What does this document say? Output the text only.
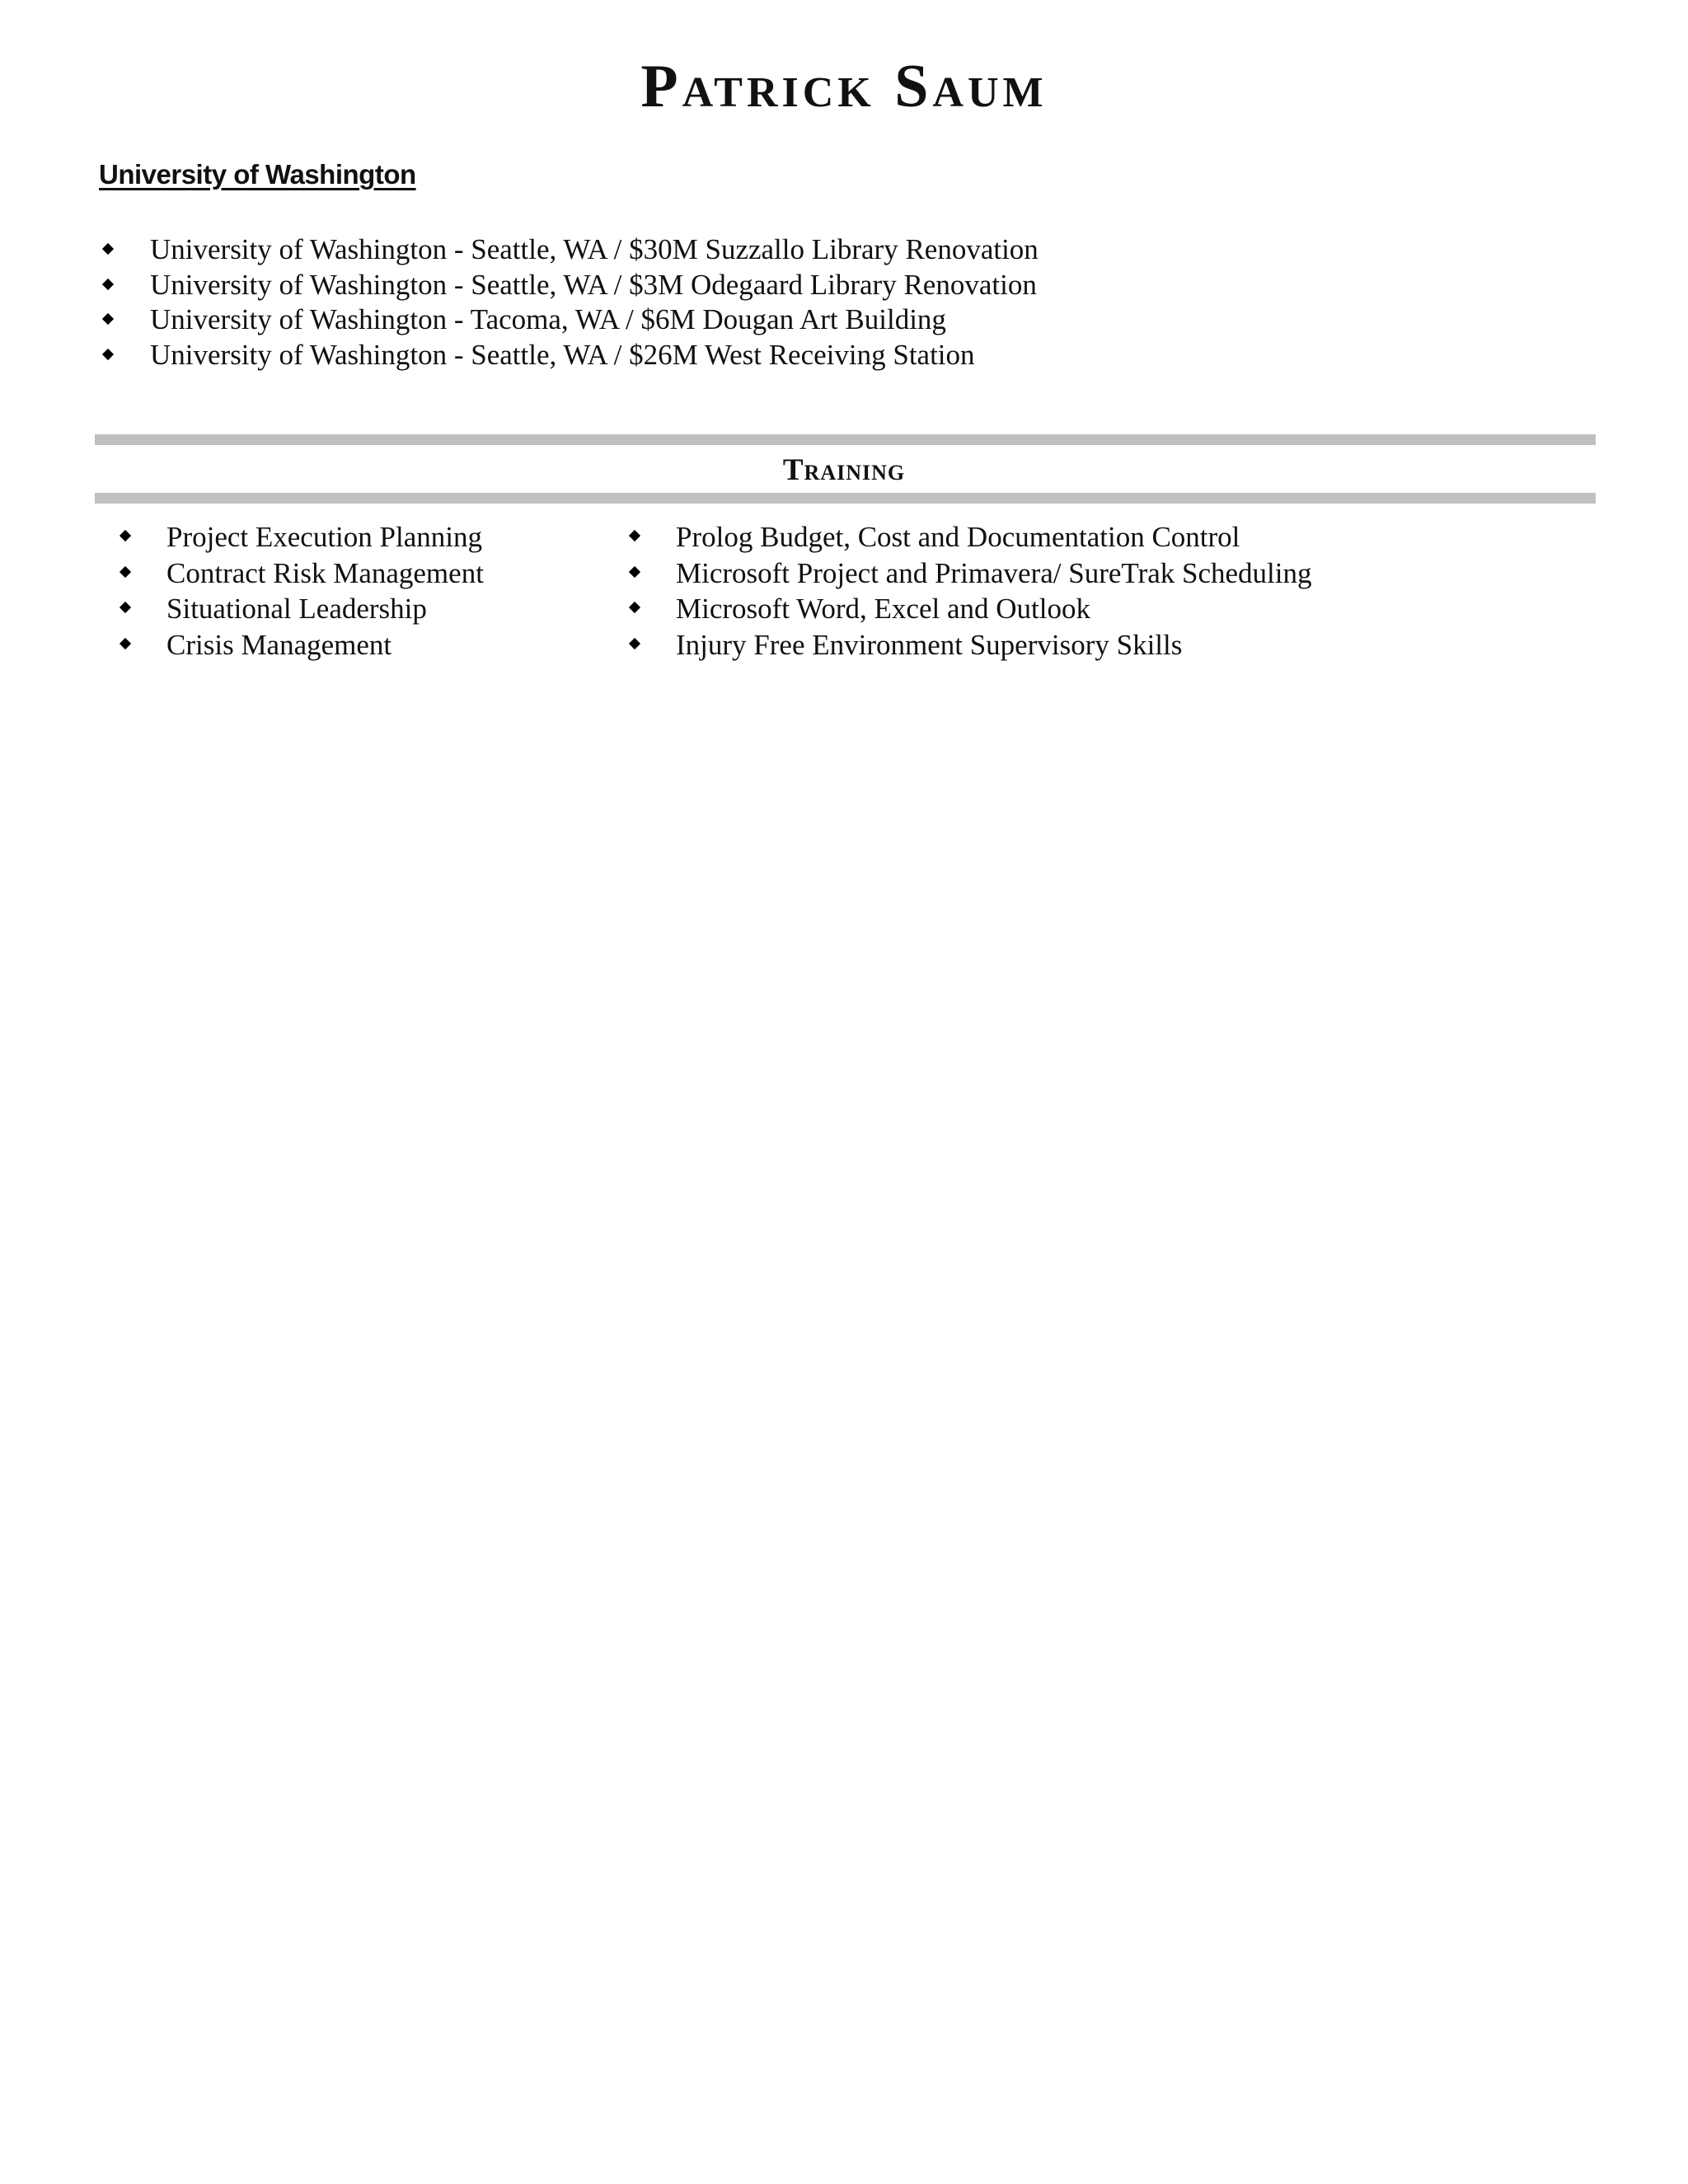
Patrick Saum
University of Washington
University of Washington - Seattle, WA / $30M Suzzallo Library Renovation
University of Washington - Seattle, WA / $3M Odegaard Library Renovation
University of Washington - Tacoma, WA / $6M Dougan Art Building
University of Washington - Seattle, WA / $26M West Receiving Station
Training
Project Execution Planning
Contract Risk Management
Situational Leadership
Crisis Management
Prolog Budget, Cost and Documentation Control
Microsoft Project and Primavera/ SureTrak Scheduling
Microsoft Word, Excel and Outlook
Injury Free Environment Supervisory Skills
